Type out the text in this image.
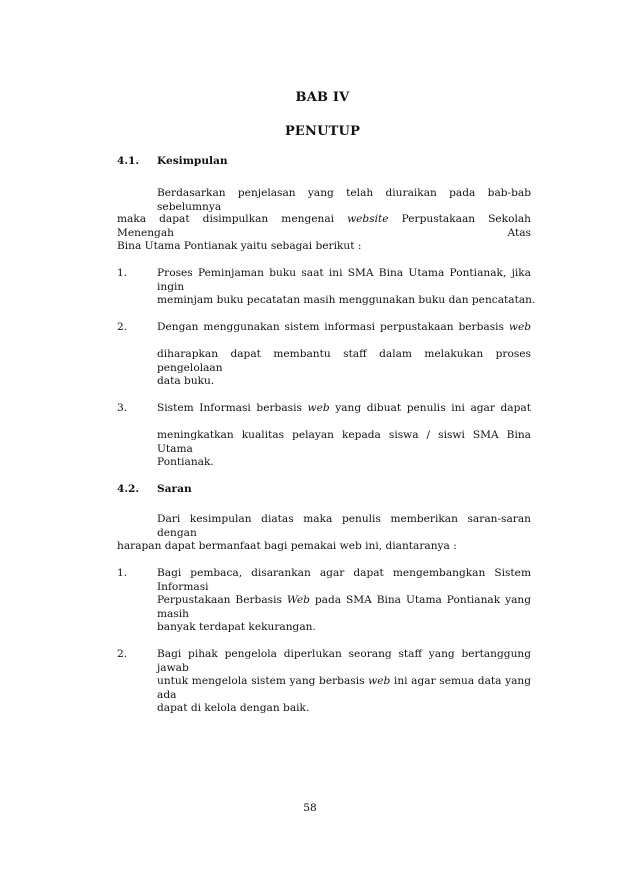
BAB IV
PENUTUP
4.1. Kesimpulan
Berdasarkan penjelasan yang telah diuraikan pada bab-bab sebelumnya
maka dapat disimpulkan mengenai website Perpustakaan Sekolah Menengah Atas
Bina Utama Pontianak yaitu sebagai berikut :
1.	Proses Peminjaman buku saat ini SMA Bina Utama Pontianak, jika ingin
meminjam buku pecatatan masih menggunakan buku dan pencatatan.
2.	Dengan menggunakan sistem informasi perpustakaan berbasis web
diharapkan dapat membantu staff dalam melakukan proses pengelolaan
data buku.
3.	Sistem Informasi berbasis web yang dibuat penulis ini agar dapat
meningkatkan kualitas pelayan kepada siswa / siswi SMA Bina Utama
Pontianak.
4.2. Saran
Dari kesimpulan diatas maka penulis memberikan saran-saran dengan
harapan dapat bermanfaat bagi pemakai web ini, diantaranya :
1.	Bagi pembaca, disarankan agar dapat mengembangkan Sistem Informasi
Perpustakaan Berbasis Web pada SMA Bina Utama Pontianak yang masih
banyak terdapat kekurangan.
2.	Bagi pihak pengelola diperlukan seorang staff yang bertanggung jawab
untuk mengelola sistem yang berbasis web ini agar semua data yang ada
dapat di kelola dengan baik.
58
